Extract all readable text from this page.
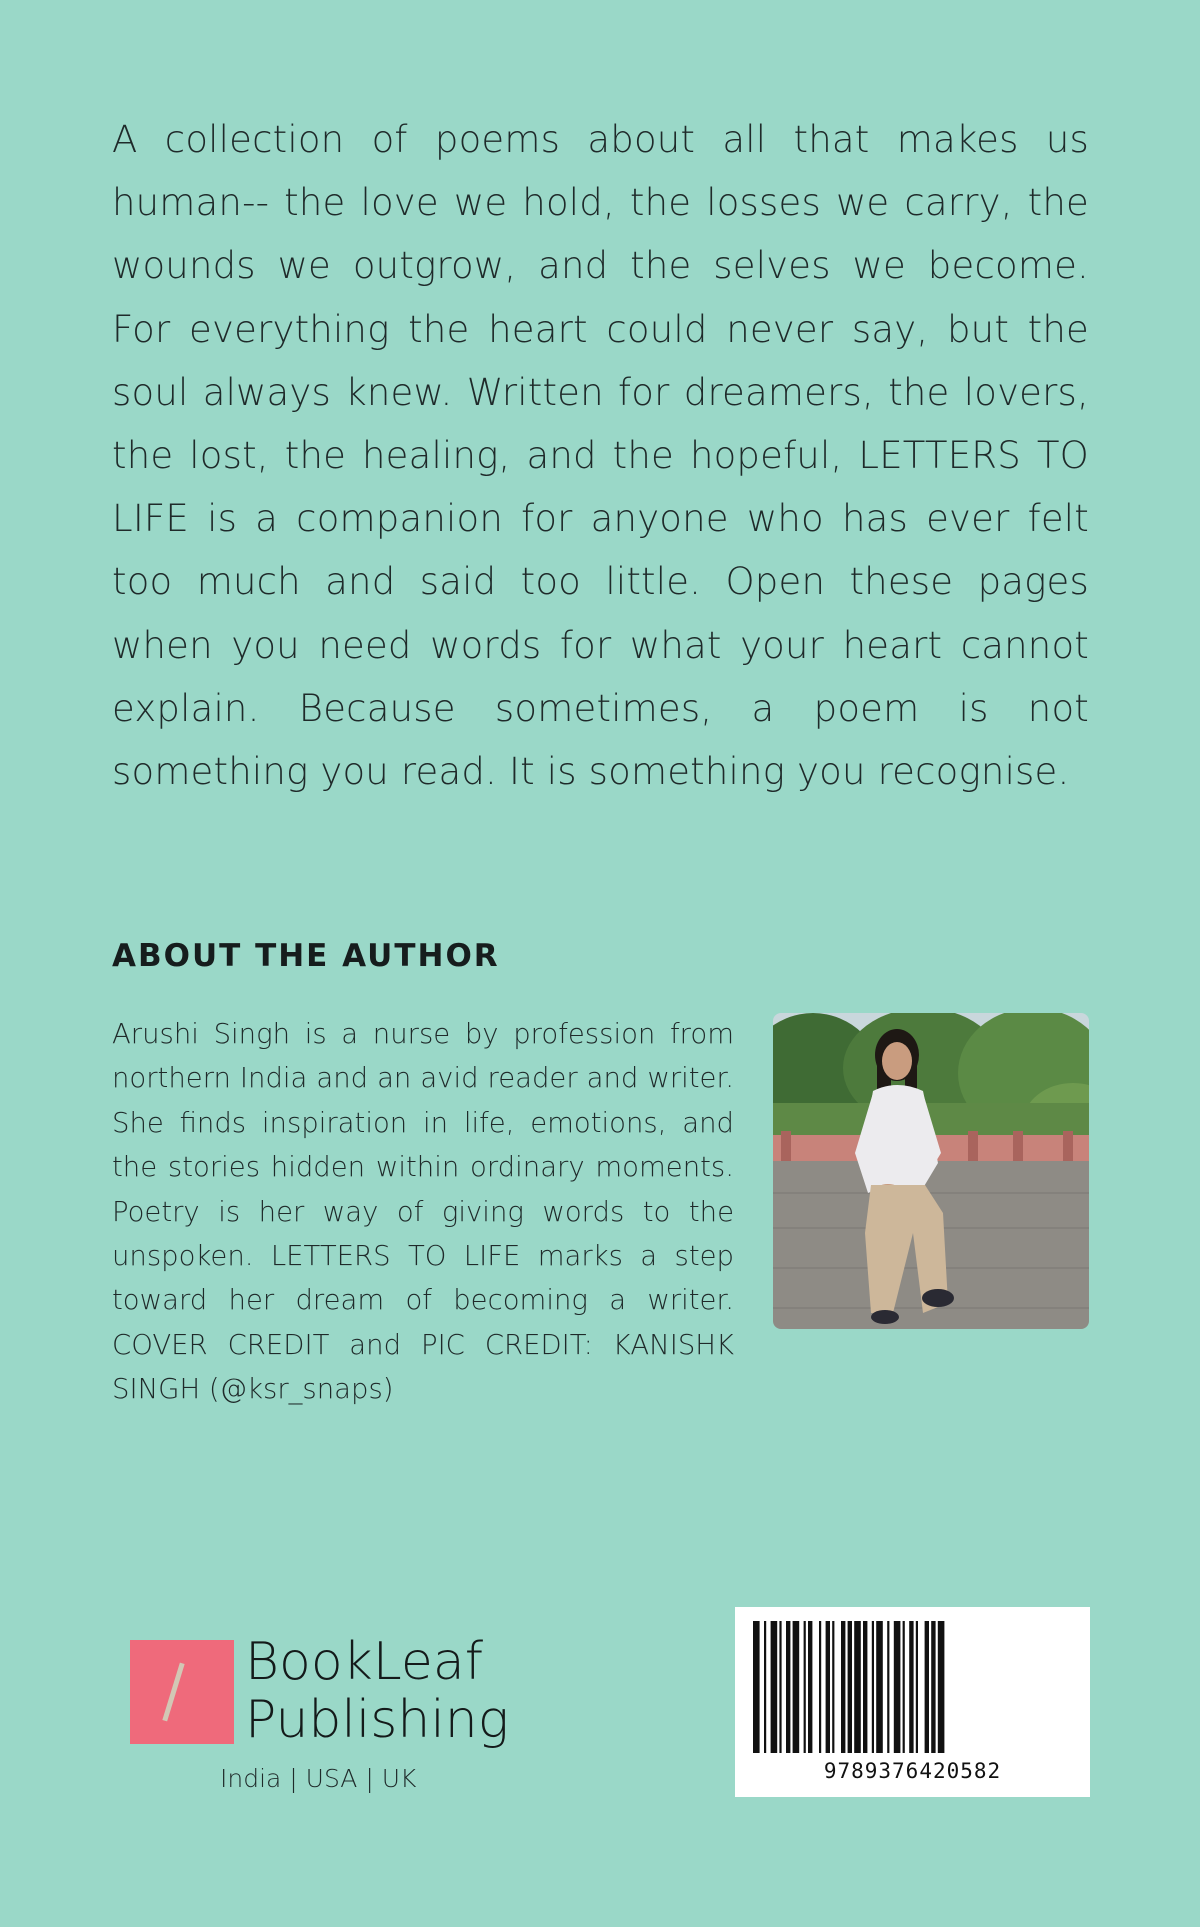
A collection of poems about all that makes us human-- the love we hold, the losses we carry, the wounds we outgrow, and the selves we become. For everything the heart could never say, but the soul always knew. Written for dreamers, the lovers, the lost, the healing, and the hopeful, LETTERS TO LIFE is a companion for anyone who has ever felt too much and said too little. Open these pages when you need words for what your heart cannot explain. Because sometimes, a poem is not something you read. It is something you recognise.

ABOUT THE AUTHOR

Arushi Singh is a nurse by profession from northern India and an avid reader and writer. She finds inspiration in life, emotions, and the stories hidden within ordinary moments. Poetry is her way of giving words to the unspoken. LETTERS TO LIFE marks a step toward her dream of becoming a writer. COVER CREDIT and PIC CREDIT: KANISHK SINGH (@ksr_snaps)

BookLeaf
Publishing
India | USA | UK	9789376420582
